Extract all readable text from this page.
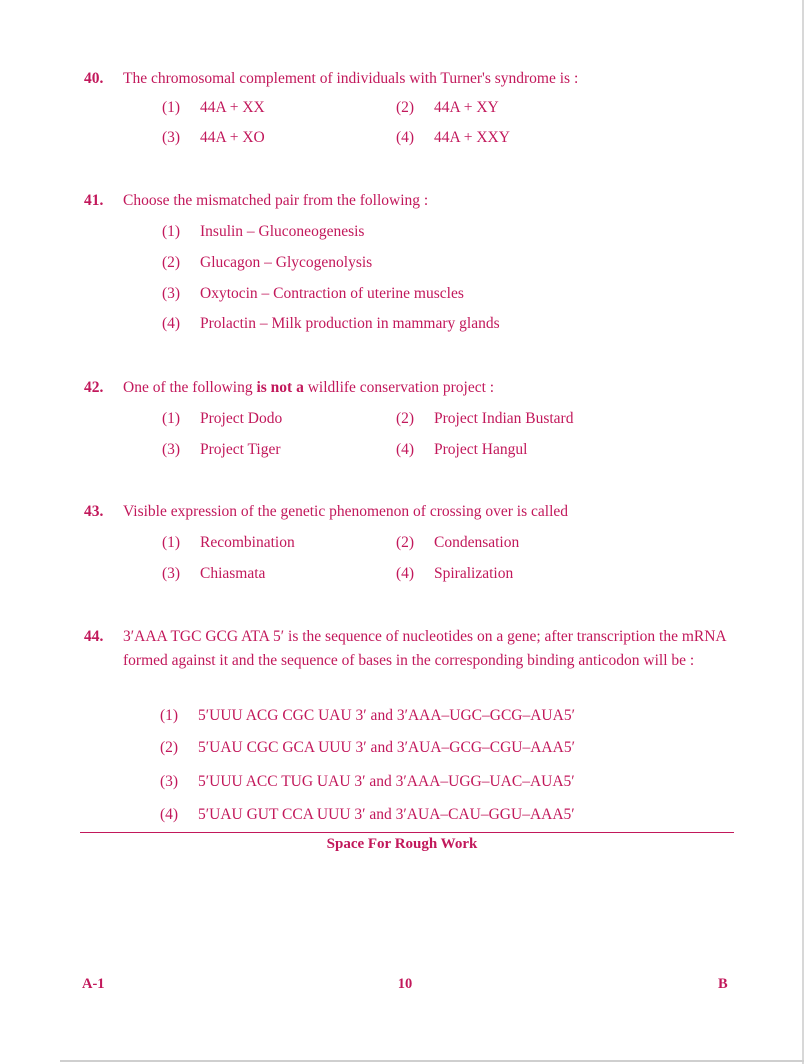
40. The chromosomal complement of individuals with Turner's syndrome is :
(1) 44A + XX	(2) 44A + XY
(3) 44A + XO	(4) 44A + XXY
41. Choose the mismatched pair from the following :
(1) Insulin – Gluconeogenesis
(2) Glucagon – Glycogenolysis
(3) Oxytocin – Contraction of uterine muscles
(4) Prolactin – Milk production in mammary glands
42. One of the following is not a wildlife conservation project :
(1) Project Dodo	(2) Project Indian Bustard
(3) Project Tiger	(4) Project Hangul
43. Visible expression of the genetic phenomenon of crossing over is called
(1) Recombination	(2) Condensation
(3) Chiasmata	(4) Spiralization
44. 3′AAA TGC GCG ATA 5′ is the sequence of nucleotides on a gene; after transcription the mRNA formed against it and the sequence of bases in the corresponding binding anticodon will be :
(1) 5′UUU ACG CGC UAU 3′ and 3′AAA–UGC–GCG–AUA5′
(2) 5′UAU CGC GCA UUU 3′ and 3′AUA–GCG–CGU–AAA5′
(3) 5′UUU ACC TUG UAU 3′ and 3′AAA–UGG–UAC–AUA5′
(4) 5′UAU GUT CCA UUU 3′ and 3′AUA–CAU–GGU–AAA5′
Space For Rough Work
A-1	10	B
